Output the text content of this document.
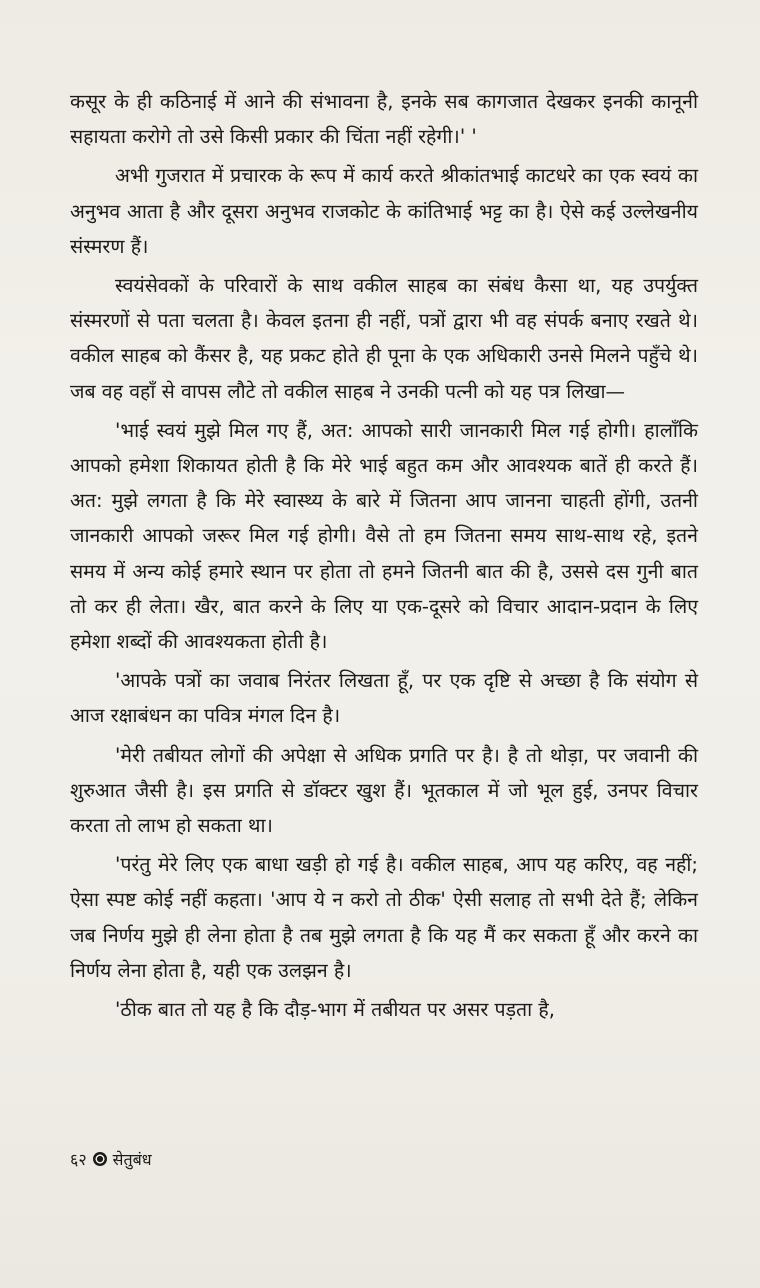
कसूर के ही कठिनाई में आने की संभावना है, इनके सब कागजात देखकर इनकी कानूनी सहायता करोगे तो उसे किसी प्रकार की चिंता नहीं रहेगी।' '

अभी गुजरात में प्रचारक के रूप में कार्य करते श्रीकांतभाई काटधरे का एक स्वयं का अनुभव आता है और दूसरा अनुभव राजकोट के कांतिभाई भट्ट का है। ऐसे कई उल्लेखनीय संस्मरण हैं।

स्वयंसेवकों के परिवारों के साथ वकील साहब का संबंध कैसा था, यह उपर्युक्त संस्मरणों से पता चलता है। केवल इतना ही नहीं, पत्रों द्वारा भी वह संपर्क बनाए रखते थे। वकील साहब को कैंसर है, यह प्रकट होते ही पूना के एक अधिकारी उनसे मिलने पहुँचे थे। जब वह वहाँ से वापस लौटे तो वकील साहब ने उनकी पत्नी को यह पत्र लिखा—

'भाई स्वयं मुझे मिल गए हैं, अत: आपको सारी जानकारी मिल गई होगी। हालाँकि आपको हमेशा शिकायत होती है कि मेरे भाई बहुत कम और आवश्यक बातें ही करते हैं। अत: मुझे लगता है कि मेरे स्वास्थ्य के बारे में जितना आप जानना चाहती होंगी, उतनी जानकारी आपको जरूर मिल गई होगी। वैसे तो हम जितना समय साथ-साथ रहे, इतने समय में अन्य कोई हमारे स्थान पर होता तो हमने जितनी बात की है, उससे दस गुनी बात तो कर ही लेता। खैर, बात करने के लिए या एक-दूसरे को विचार आदान-प्रदान के लिए हमेशा शब्दों की आवश्यकता होती है।

'आपके पत्रों का जवाब निरंतर लिखता हूँ, पर एक दृष्टि से अच्छा है कि संयोग से आज रक्षाबंधन का पवित्र मंगल दिन है।

'मेरी तबीयत लोगों की अपेक्षा से अधिक प्रगति पर है। है तो थोड़ा, पर जवानी की शुरुआत जैसी है। इस प्रगति से डॉक्टर खुश हैं। भूतकाल में जो भूल हुई, उनपर विचार करता तो लाभ हो सकता था।

'परंतु मेरे लिए एक बाधा खड़ी हो गई है। वकील साहब, आप यह करिए, वह नहीं; ऐसा स्पष्ट कोई नहीं कहता। 'आप ये न करो तो ठीक' ऐसी सलाह तो सभी देते हैं; लेकिन जब निर्णय मुझे ही लेना होता है तब मुझे लगता है कि यह मैं कर सकता हूँ और करने का निर्णय लेना होता है, यही एक उलझन है।

'ठीक बात तो यह है कि दौड़-भाग में तबीयत पर असर पड़ता है,

६२ सेतुबंध
